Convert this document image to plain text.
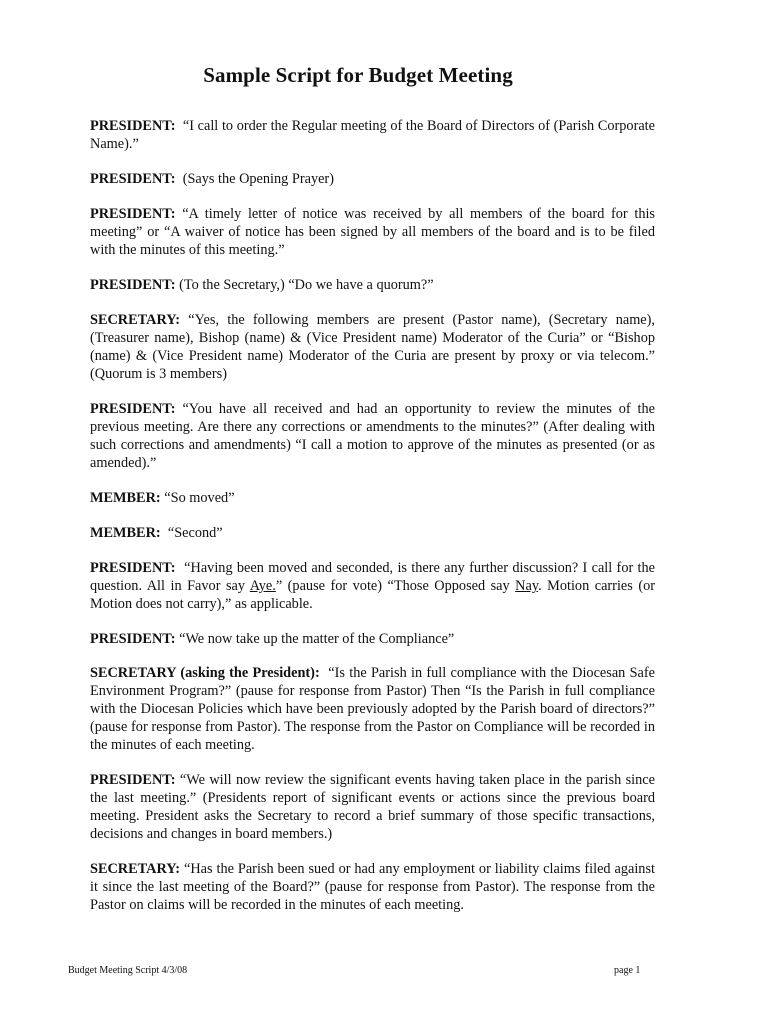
Sample Script for Budget Meeting

PRESIDENT: “I call to order the Regular meeting of the Board of Directors of (Parish Corporate Name).”

PRESIDENT: (Says the Opening Prayer)

PRESIDENT: “A timely letter of notice was received by all members of the board for this meeting” or “A waiver of notice has been signed by all members of the board and is to be filed with the minutes of this meeting.”

PRESIDENT: (To the Secretary,) “Do we have a quorum?”

SECRETARY: “Yes, the following members are present (Pastor name), (Secretary name), (Treasurer name), Bishop (name) & (Vice President name) Moderator of the Curia” or “Bishop (name) & (Vice President name) Moderator of the Curia are present by proxy or via telecom.” (Quorum is 3 members)

PRESIDENT: “You have all received and had an opportunity to review the minutes of the previous meeting. Are there any corrections or amendments to the minutes?” (After dealing with such corrections and amendments) “I call a motion to approve of the minutes as presented (or as amended).”

MEMBER: “So moved”

MEMBER: “Second”

PRESIDENT: “Having been moved and seconded, is there any further discussion? I call for the question. All in Favor say Aye.” (pause for vote) “Those Opposed say Nay. Motion carries (or Motion does not carry),” as applicable.

PRESIDENT: “We now take up the matter of the Compliance”

SECRETARY (asking the President): “Is the Parish in full compliance with the Diocesan Safe Environment Program?” (pause for response from Pastor) Then “Is the Parish in full compliance with the Diocesan Policies which have been previously adopted by the Parish board of directors?” (pause for response from Pastor). The response from the Pastor on Compliance will be recorded in the minutes of each meeting.

PRESIDENT: “We will now review the significant events having taken place in the parish since the last meeting.” (Presidents report of significant events or actions since the previous board meeting. President asks the Secretary to record a brief summary of those specific transactions, decisions and changes in board members.)

SECRETARY: “Has the Parish been sued or had any employment or liability claims filed against it since the last meeting of the Board?” (pause for response from Pastor). The response from the Pastor on claims will be recorded in the minutes of each meeting.

Budget Meeting Script 4/3/08	page 1
